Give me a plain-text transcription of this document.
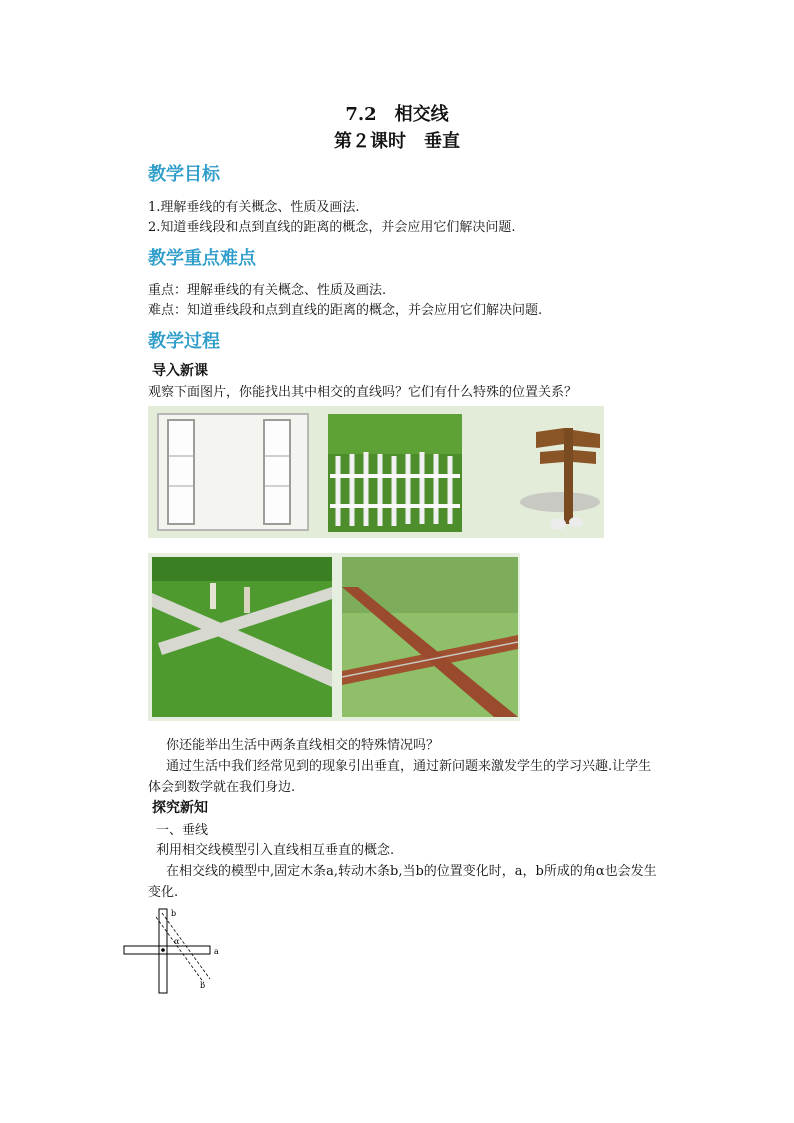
7.2　相交线
第２课时　垂直
教学目标
1.理解垂线的有关概念、性质及画法.
2.知道垂线段和点到直线的距离的概念，并会应用它们解决问题.
教学重点难点
重点：理解垂线的有关概念、性质及画法.
难点：知道垂线段和点到直线的距离的概念，并会应用它们解决问题.
教学过程
导入新课
观察下面图片，你能找出其中相交的直线吗？它们有什么特殊的位置关系？
你还能举出生活中两条直线相交的特殊情况吗？
通过生活中我们经常见到的现象引出垂直，通过新问题来激发学生的学习兴趣.让学生
体会到数学就在我们身边.
探究新知
一、垂线
利用相交线模型引入直线相互垂直的概念.
在相交线的模型中,固定木条a,转动木条b,当b的位置变化时，a，b所成的角α也会发生
变化.
b
α
a
b
